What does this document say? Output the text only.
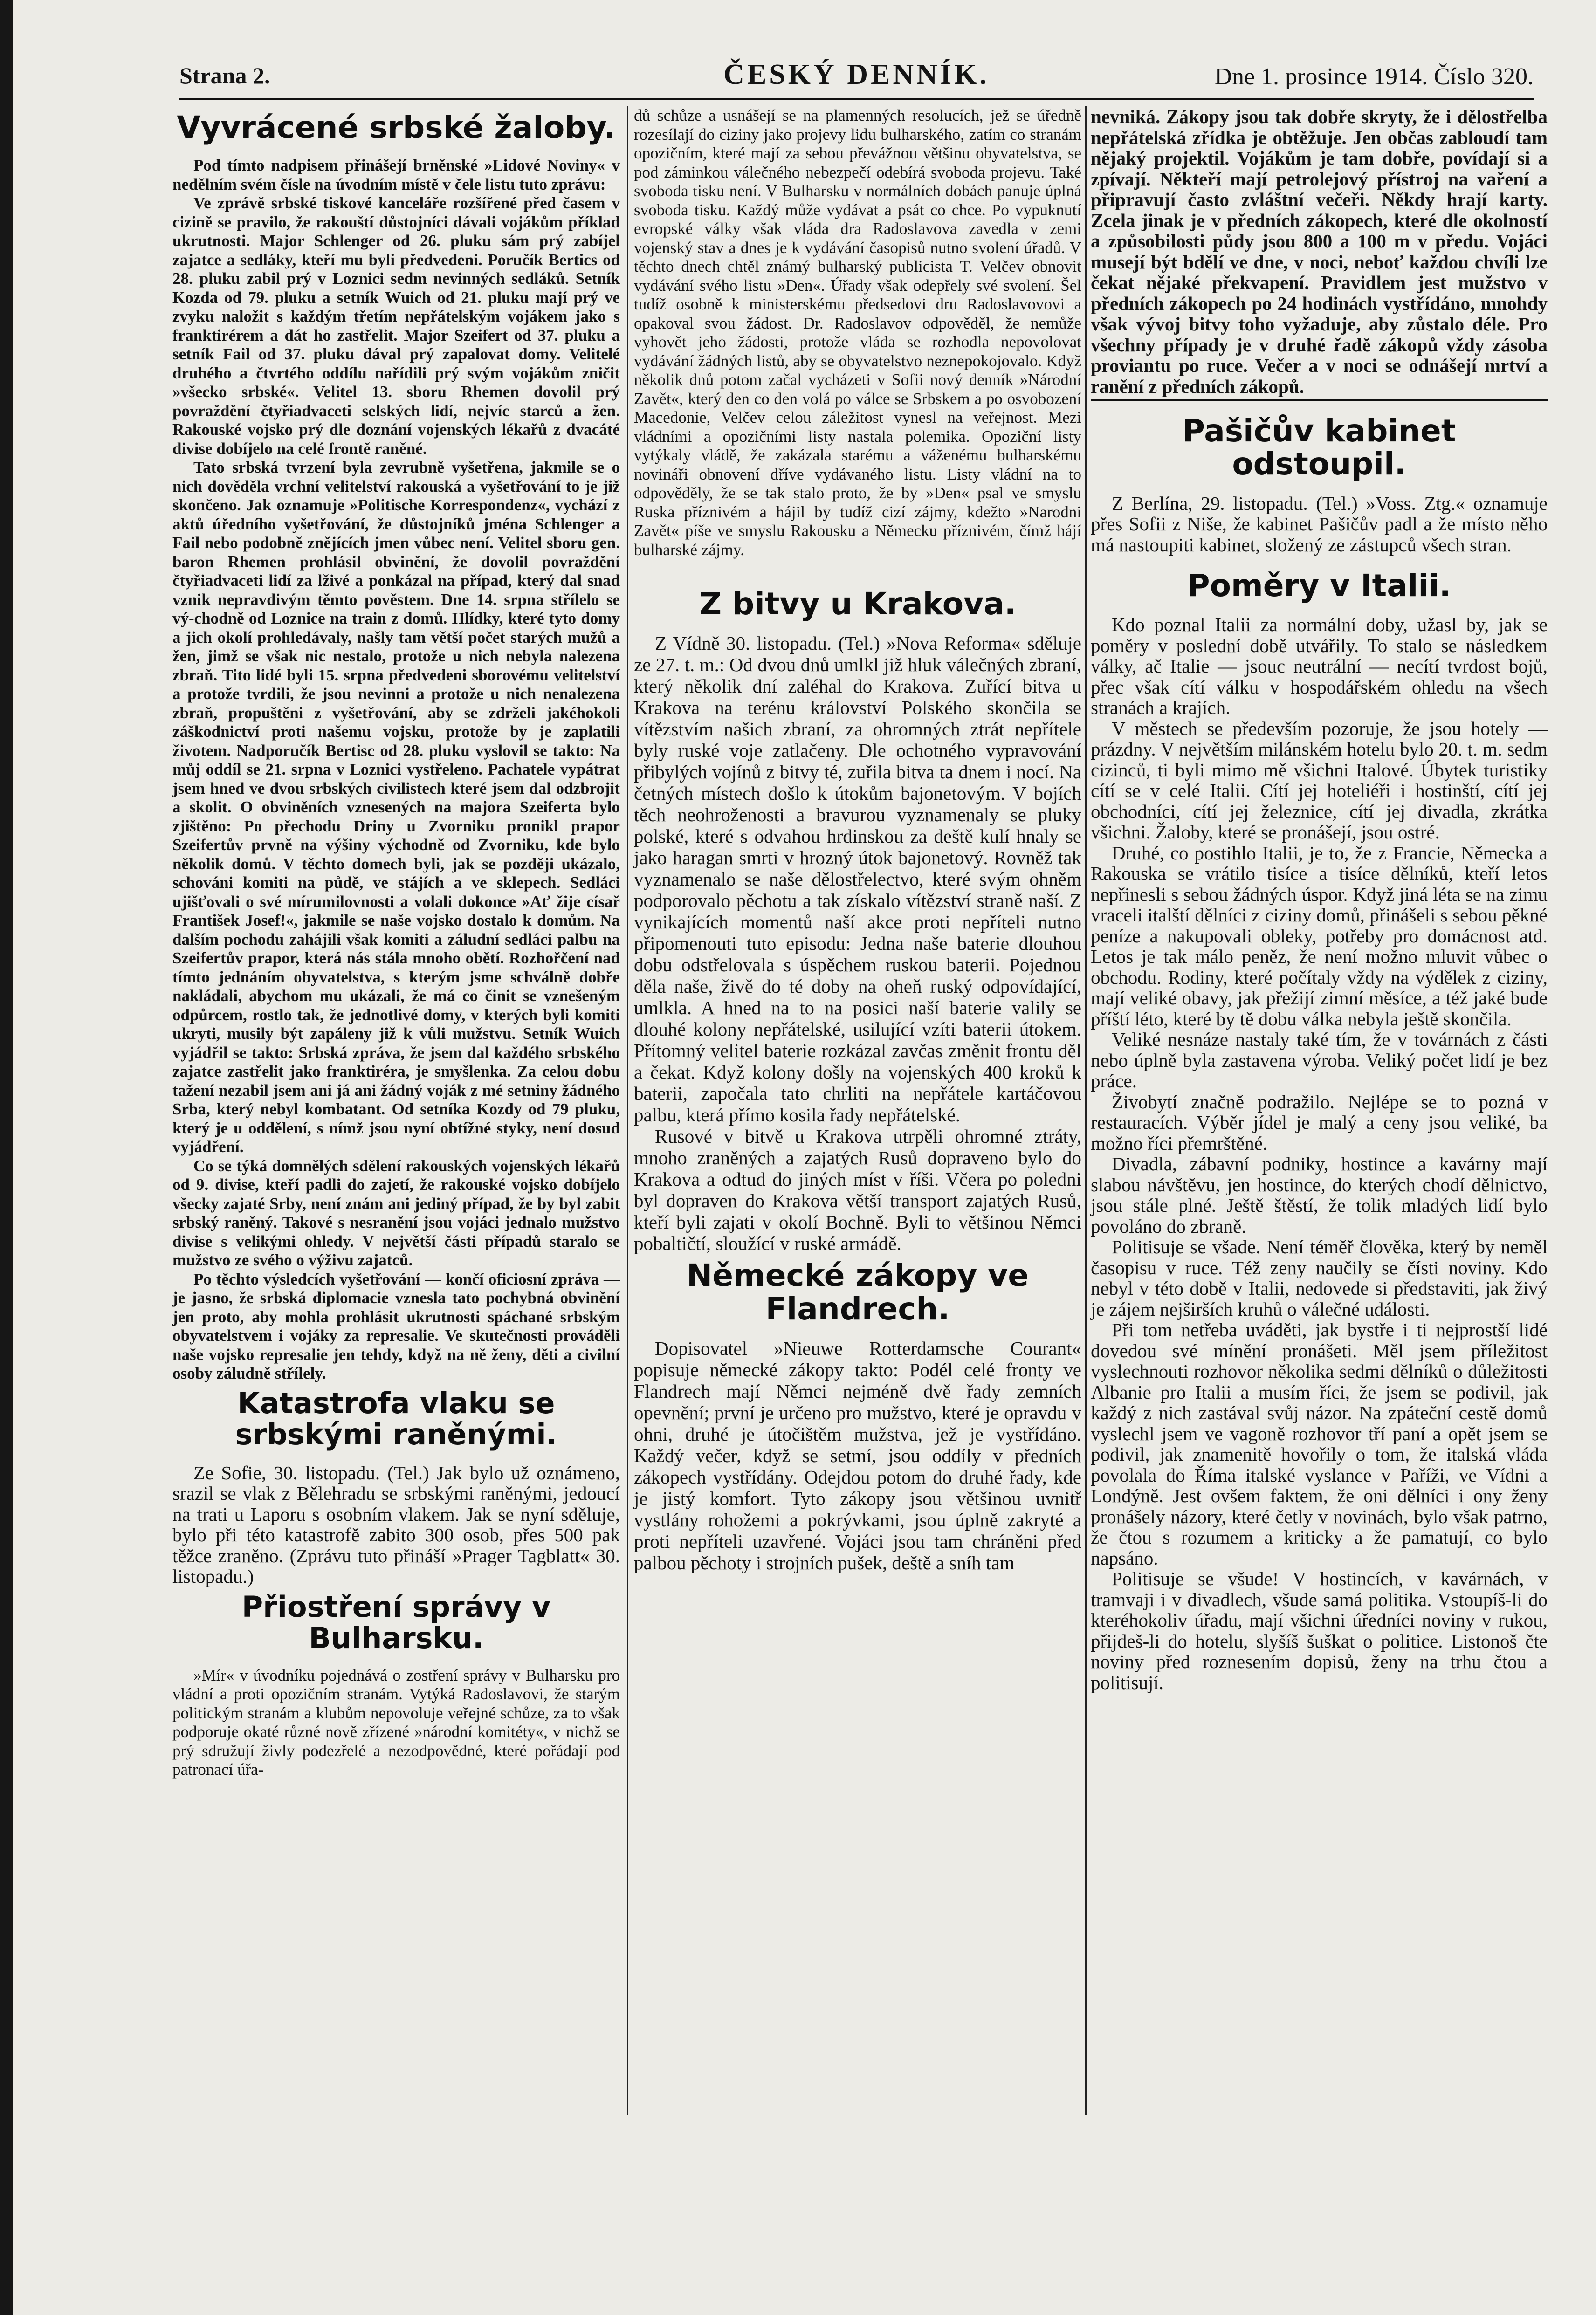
Strana 2.	ČESKÝ DENNÍK.	Dne 1. prosince 1914. Číslo 320.
Vyvrácené srbské žaloby.

Pod tímto nadpisem přinášejí brněnské »Lidové Noviny« v nedělním svém čísle na úvodním místě v čele listu tuto zprávu:

Ve zprávě srbské tiskové kanceláře rozšířené před časem v cizině se pravilo, že rakouští důstojníci dávali vojákům příklad ukrutnosti. Major Schlenger od 26. pluku sám prý zabíjel zajatce a sedláky, kteří mu byli předvedeni. Poručík Bertics od 28. pluku zabil prý v Loznici sedm nevinných sedláků. Setník Kozda od 79. pluku a setník Wuich od 21. pluku mají prý ve zvyku naložit s každým třetím nepřátelským vojákem jako s franktirérem a dát ho zastřelit. Major Szeifert od 37. pluku a setník Fail od 37. pluku dával prý zapalovat domy. Velitelé druhého a čtvrtého oddílu nařídili prý svým vojákům zničit »všecko srbské«. Velitel 13. sboru Rhemen dovolil prý povraždění čtyřiadvaceti selských lidí, nejvíc starců a žen. Rakouské vojsko prý dle doznání vojenských lékařů z dvacáté divise dobíjelo na celé frontě raněné.

Tato srbská tvrzení byla zevrubně vyšetřena, jakmile se o nich dověděla vrchní velitelství rakouská a vyšetřování to je již skončeno. Jak oznamuje »Politische Korrespondenz«, vychází z aktů úředního vyšetřování, že důstojníků jména Schlenger a Fail nebo podobně znějících jmen vůbec není. Velitel sboru gen. baron Rhemen prohlásil obvinění, že dovolil povraždění čtyřiadvaceti lidí za lživé a ponkázal na případ, který dal snad vznik nepravdivým těmto pověstem. Dne 14. srpna střílelo se vý-chodně od Loznice na train z domů. Hlídky, které tyto domy a jich okolí prohledávaly, našly tam větší počet starých mužů a žen, jimž se však nic nestalo, protože u nich nebyla nalezena zbraň. Tito lidé byli 15. srpna předvedeni sborovému velitelství a protože tvrdili, že jsou nevinni a protože u nich nenalezena zbraň, propuštěni z vyšetřování, aby se zdrželi jakéhokoli záškodnictví proti našemu vojsku, protože by je zaplatili životem. Nadporučík Bertisc od 28. pluku vyslovil se takto: Na můj oddíl se 21. srpna v Loznici vystřeleno. Pachatele vypátrat jsem hned ve dvou srbských civilistech které jsem dal odzbrojit a skolit. O obviněních vznesených na majora Szeiferta bylo zjištěno: Po přechodu Driny u Zvorniku pronikl prapor Szeifertův prvně na výšiny východně od Zvorniku, kde bylo několik domů. V těchto domech byli, jak se později ukázalo, schováni komiti na půdě, ve stájích a ve sklepech. Sedláci ujišťovali o své mírumilovnosti a volali dokonce »Ať žije císař František Josef!«, jakmile se naše vojsko dostalo k domům. Na dalším pochodu zahájili však komiti a záludní sedláci palbu na Szeifertův prapor, která nás stála mnoho obětí. Rozhořčení nad tímto jednáním obyvatelstva, s kterým jsme schválně dobře nakládali, abychom mu ukázali, že má co činit se vznešeným odpůrcem, rostlo tak, že jednotlivé domy, v kterých byli komiti ukryti, musily být zapáleny již k vůli mužstvu. Setník Wuich vyjádřil se takto: Srbská zpráva, že jsem dal každého srbského zajatce zastřelit jako franktiréra, je smyšlenka. Za celou dobu tažení nezabil jsem ani já ani žádný voják z mé setniny žádného Srba, který nebyl kombatant. Od setníka Kozdy od 79 pluku, který je u oddělení, s nímž jsou nyní obtížné styky, není dosud vyjádření.

Co se týká domnělých sdělení rakouských vojenských lékařů od 9. divise, kteří padli do zajetí, že rakouské vojsko dobíjelo všecky zajaté Srby, není znám ani jediný případ, že by byl zabit srbský raněný. Takové s nesranění jsou vojáci jednalo mužstvo divise s velikými ohledy. V největší části případů staralo se mužstvo ze svého o výživu zajatců.

Po těchto výsledcích vyšetřování — končí oficiosní zpráva — je jasno, že srbská diplomacie vznesla tato pochybná obvinění jen proto, aby mohla prohlásit ukrutnosti spáchané srbským obyvatelstvem i vojáky za represalie. Ve skutečnosti prováděli naše vojsko represalie jen tehdy, když na ně ženy, děti a civilní osoby záludně střílely.

Katastrofa vlaku se srbskými raněnými.

Ze Sofie, 30. listopadu. (Tel.) Jak bylo už oznámeno, srazil se vlak z Bělehradu se srbskými raněnými, jedoucí na trati u Laporu s osobním vlakem. Jak se nyní sděluje, bylo při této katastrofě zabito 300 osob, přes 500 pak těžce zraněno. (Zprávu tuto přináší »Prager Tagblatt« 30. listopadu.)

Přiostření správy v Bulharsku.

»Mír« v úvodníku pojednává o zostření správy v Bulharsku pro vládní a proti opozičním stranám. Vytýká Radoslavovi, že starým politickým stranám a klubům nepovoluje veřejné schůze, za to však podporuje okaté různé nově zřízené »národní komitéty«, v nichž se prý sdružují živly podezřelé a nezodpovědné, které pořádají pod patronací úřa-

dů schůze a usnášejí se na plamenných resolucích, jež se úředně rozesílají do ciziny jako projevy lidu bulharského, zatím co stranám opozičním, které mají za sebou převážnou většinu obyvatelstva, se pod záminkou válečného nebezpečí odebírá svoboda projevu. Také svoboda tisku není. V Bulharsku v normálních dobách panuje úplná svoboda tisku. Každý může vydávat a psát co chce. Po vypuknutí evropské války však vláda dra Radoslavova zavedla v zemi vojenský stav a dnes je k vydávání časopisů nutno svolení úřadů. V těchto dnech chtěl známý bulharský publicista T. Velčev obnovit vydávání svého listu »Den«. Úřady však odepřely své svolení. Šel tudíž osobně k ministerskému předsedovi dru Radoslavovovi a opakoval svou žádost. Dr. Radoslavov odpověděl, že nemůže vyhovět jeho žádosti, protože vláda se rozhodla nepovolovat vydávání žádných listů, aby se obyvatelstvo neznepokojovalo. Když několik dnů potom začal vycházeti v Sofii nový denník »Národní Zavět«, který den co den volá po válce se Srbskem a po osvobození Macedonie, Velčev celou záležitost vynesl na veřejnost. Mezi vládními a opozičními listy nastala polemika. Opoziční listy vytýkaly vládě, že zakázala starému a váženému bulharskému novináři obnovení dříve vydávaného listu. Listy vládní na to odpověděly, že se tak stalo proto, že by »Den« psal ve smyslu Ruska příznivém a hájil by tudíž cizí zájmy, kdežto »Narodni Zavět« píše ve smyslu Rakousku a Německu příznivém, čímž hájí bulharské zájmy.

Z bitvy u Krakova.

Z Vídně 30. listopadu. (Tel.) »Nova Reforma« sděluje ze 27. t. m.: Od dvou dnů umlkl již hluk válečných zbraní, který několik dní zaléhal do Krakova. Zuřící bitva u Krakova na terénu království Polského skončila se vítězstvím našich zbraní, za ohromných ztrát nepřítele byly ruské voje zatlačeny. Dle ochotného vypravování přibylých vojínů z bitvy té, zuřila bitva ta dnem i nocí. Na četných místech došlo k útokům bajonetovým. V bojích těch neohroženosti a bravurou vyznamenaly se pluky polské, které s odvahou hrdinskou za deště kulí hnaly se jako haragan smrti v hrozný útok bajonetový. Rovněž tak vyznamenalo se naše dělostřelectvo, které svým ohněm podporovalo pěchotu a tak získalo vítězství straně naší. Z vynikajících momentů naší akce proti nepříteli nutno připomenouti tuto episodu: Jedna naše baterie dlouhou dobu odstřelovala s úspěchem ruskou baterii. Pojednou děla naše, živě do té doby na oheň ruský odpovídající, umlkla. A hned na to na posici naší baterie valily se dlouhé kolony nepřátelské, usilující vzíti baterii útokem. Přítomný velitel baterie rozkázal zavčas změnit frontu děl a čekat. Když kolony došly na vojenských 400 kroků k baterii, započala tato chrliti na nepřátele kartáčovou palbu, která přímo kosila řady nepřátelské.

Rusové v bitvě u Krakova utrpěli ohromné ztráty, mnoho zraněných a zajatých Rusů dopraveno bylo do Krakova a odtud do jiných míst v říši. Včera po poledni byl dopraven do Krakova větší transport zajatých Rusů, kteří byli zajati v okolí Bochně. Byli to většinou Němci pobaltičtí, sloužící v ruské armádě.

Německé zákopy ve Flandrech.

Dopisovatel »Nieuwe Rotterdamsche Courant« popisuje německé zákopy takto: Podél celé fronty ve Flandrech mají Němci nejméně dvě řady zemních opevnění; první je určeno pro mužstvo, které je opravdu v ohni, druhé je útočištěm mužstva, jež je vystřídáno. Každý večer, když se setmí, jsou oddíly v předních zákopech vystřídány. Odejdou potom do druhé řady, kde je jistý komfort. Tyto zákopy jsou většinou uvnitř vystlány rohožemi a pokrývkami, jsou úplně zakryté a proti nepříteli uzavřené. Vojáci jsou tam chráněni před palbou pěchoty i strojních pušek, deště a sníh tam

nevniká. Zákopy jsou tak dobře skryty, že i dělostřelba nepřátelská zřídka je obtěžuje. Jen občas zabloudí tam nějaký projektil. Vojákům je tam dobře, povídají si a zpívají. Někteří mají petrolejový přístroj na vaření a připravují často zvláštní večeři. Někdy hrají karty. Zcela jinak je v předních zákopech, které dle okolností a způsobilosti půdy jsou 800 a 100 m v předu. Vojáci musejí být bdělí ve dne, v noci, neboť každou chvíli lze čekat nějaké překvapení. Pravidlem jest mužstvo v předních zákopech po 24 hodinách vystřídáno, mnohdy však vývoj bitvy toho vyžaduje, aby zůstalo déle. Pro všechny případy je v druhé řadě zákopů vždy zásoba proviantu po ruce. Večer a v noci se odnášejí mrtví a ranění z předních zákopů.

Pašičův kabinet odstoupil.

Z Berlína, 29. listopadu. (Tel.) »Voss. Ztg.« oznamuje přes Sofii z Niše, že kabinet Pašičův padl a že místo něho má nastoupiti kabinet, složený ze zástupců všech stran.

Poměry v Italii.

Kdo poznal Italii za normální doby, užasl by, jak se poměry v poslední době utvářily. To stalo se následkem války, ač Italie — jsouc neutrální — necítí tvrdost bojů, přec však cítí válku v hospodářském ohledu na všech stranách a krajích.

V městech se především pozoruje, že jsou hotely — prázdny. V největším milánském hotelu bylo 20. t. m. sedm cizinců, ti byli mimo mě všichni Italové. Úbytek turistiky cítí se v celé Italii. Cítí jej hoteliéři i hostinští, cítí jej obchodníci, cítí jej železnice, cítí jej divadla, zkrátka všichni. Žaloby, které se pronášejí, jsou ostré.

Druhé, co postihlo Italii, je to, že z Francie, Německa a Rakouska se vrátilo tisíce a tisíce dělníků, kteří letos nepřinesli s sebou žádných úspor. Když jiná léta se na zimu vraceli italští dělníci z ciziny domů, přinášeli s sebou pěkné peníze a nakupovali obleky, potřeby pro domácnost atd. Letos je tak málo peněz, že není možno mluvit vůbec o obchodu. Rodiny, které počítaly vždy na výdělek z ciziny, mají veliké obavy, jak přežijí zimní měsíce, a též jaké bude příští léto, které by tě dobu válka nebyla ještě skončila.

Veliké nesnáze nastaly také tím, že v továrnách z části nebo úplně byla zastavena výroba. Veliký počet lidí je bez práce.

Živobytí značně podražilo. Nejlépe se to pozná v restauracích. Výběr jídel je malý a ceny jsou veliké, ba možno říci přemrštěné.

Divadla, zábavní podniky, hostince a kavárny mají slabou návštěvu, jen hostince, do kterých chodí dělnictvo, jsou stále plné. Ještě štěstí, že tolik mladých lidí bylo povoláno do zbraně.

Politisuje se všade. Není téměř člověka, který by neměl časopisu v ruce. Též zeny naučily se čísti noviny. Kdo nebyl v této době v Italii, nedovede si představiti, jak živý je zájem nejširších kruhů o válečné události.

Při tom netřeba uváděti, jak bystře i ti nejprostší lidé dovedou své mínění pronášeti. Měl jsem příležitost vyslechnouti rozhovor několika sedmi dělníků o důležitosti Albanie pro Italii a musím říci, že jsem se podivil, jak každý z nich zastával svůj názor. Na zpáteční cestě domů vyslechl jsem ve vagoně rozhovor tří paní a opět jsem se podivil, jak znamenitě hovořily o tom, že italská vláda povolala do Říma italské vyslance v Paříži, ve Vídni a Londýně. Jest ovšem faktem, že oni dělníci i ony ženy pronášely názory, které četly v novinách, bylo však patrno, že čtou s rozumem a kriticky a že pamatují, co bylo napsáno.

Politisuje se všude! V hostincích, v kavárnách, v tramvaji i v divadlech, všude samá politika. Vstoupíš-li do kteréhokoliv úřadu, mají všichni úředníci noviny v rukou, přijdeš-li do hotelu, slyšíš šuškat o politice. Listonoš čte noviny před roznesením dopisů, ženy na trhu čtou a politisují.
